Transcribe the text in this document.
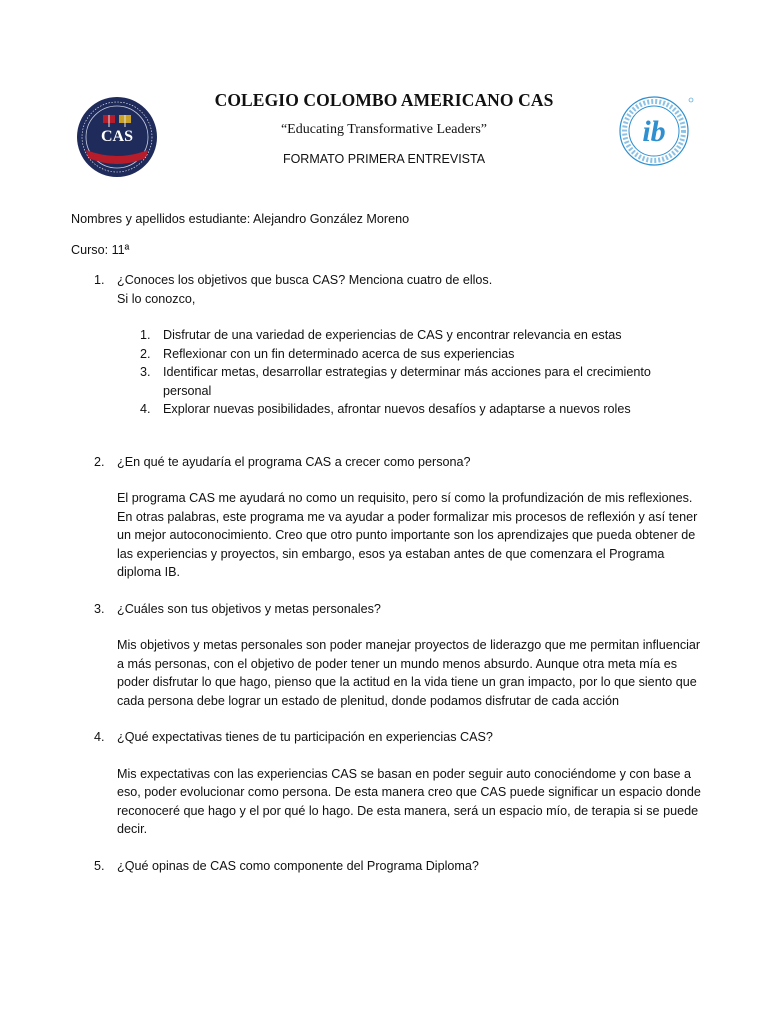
CAS	ib
COLEGIO COLOMBO AMERICANO CAS
“Educating Transformative Leaders”
FORMATO PRIMERA ENTREVISTA

Nombres y apellidos estudiante: Alejandro González Moreno

Curso: 11ª

1. ¿Conoces los objetivos que busca CAS? Menciona cuatro de ellos.

Si lo conozco,

1. Disfrutar de una variedad de experiencias de CAS y encontrar relevancia en estas
2. Reflexionar con un fin determinado acerca de sus experiencias
3. Identificar metas, desarrollar estrategias y determinar más acciones para el crecimiento personal
4. Explorar nuevas posibilidades, afrontar nuevos desafíos y adaptarse a nuevos roles
2. ¿En qué te ayudaría el programa CAS a crecer como persona?

El programa CAS me ayudará no como un requisito, pero sí como la profundización de mis reflexiones. En otras palabras, este programa me va ayudar a poder formalizar mis procesos de reflexión y así tener un mejor autoconocimiento. Creo que otro punto importante son los aprendizajes que pueda obtener de las experiencias y proyectos, sin embargo, esos ya estaban antes de que comenzara el Programa diploma IB.

3. ¿Cuáles son tus objetivos y metas personales?

Mis objetivos y metas personales son poder manejar proyectos de liderazgo que me permitan influenciar a más personas, con el objetivo de poder tener un mundo menos absurdo. Aunque otra meta mía es poder disfrutar lo que hago, pienso que la actitud en la vida tiene un gran impacto, por lo que siento que cada persona debe lograr un estado de plenitud, donde podamos disfrutar de cada acción

4. ¿Qué expectativas tienes de tu participación en experiencias CAS?

Mis expectativas con las experiencias CAS se basan en poder seguir auto conociéndome y con base a eso, poder evolucionar como persona. De esta manera creo que CAS puede significar un espacio donde reconoceré que hago y el por qué lo hago. De esta manera, será un espacio mío, de terapia si se puede decir.

5. ¿Qué opinas de CAS como componente del Programa Diploma?
